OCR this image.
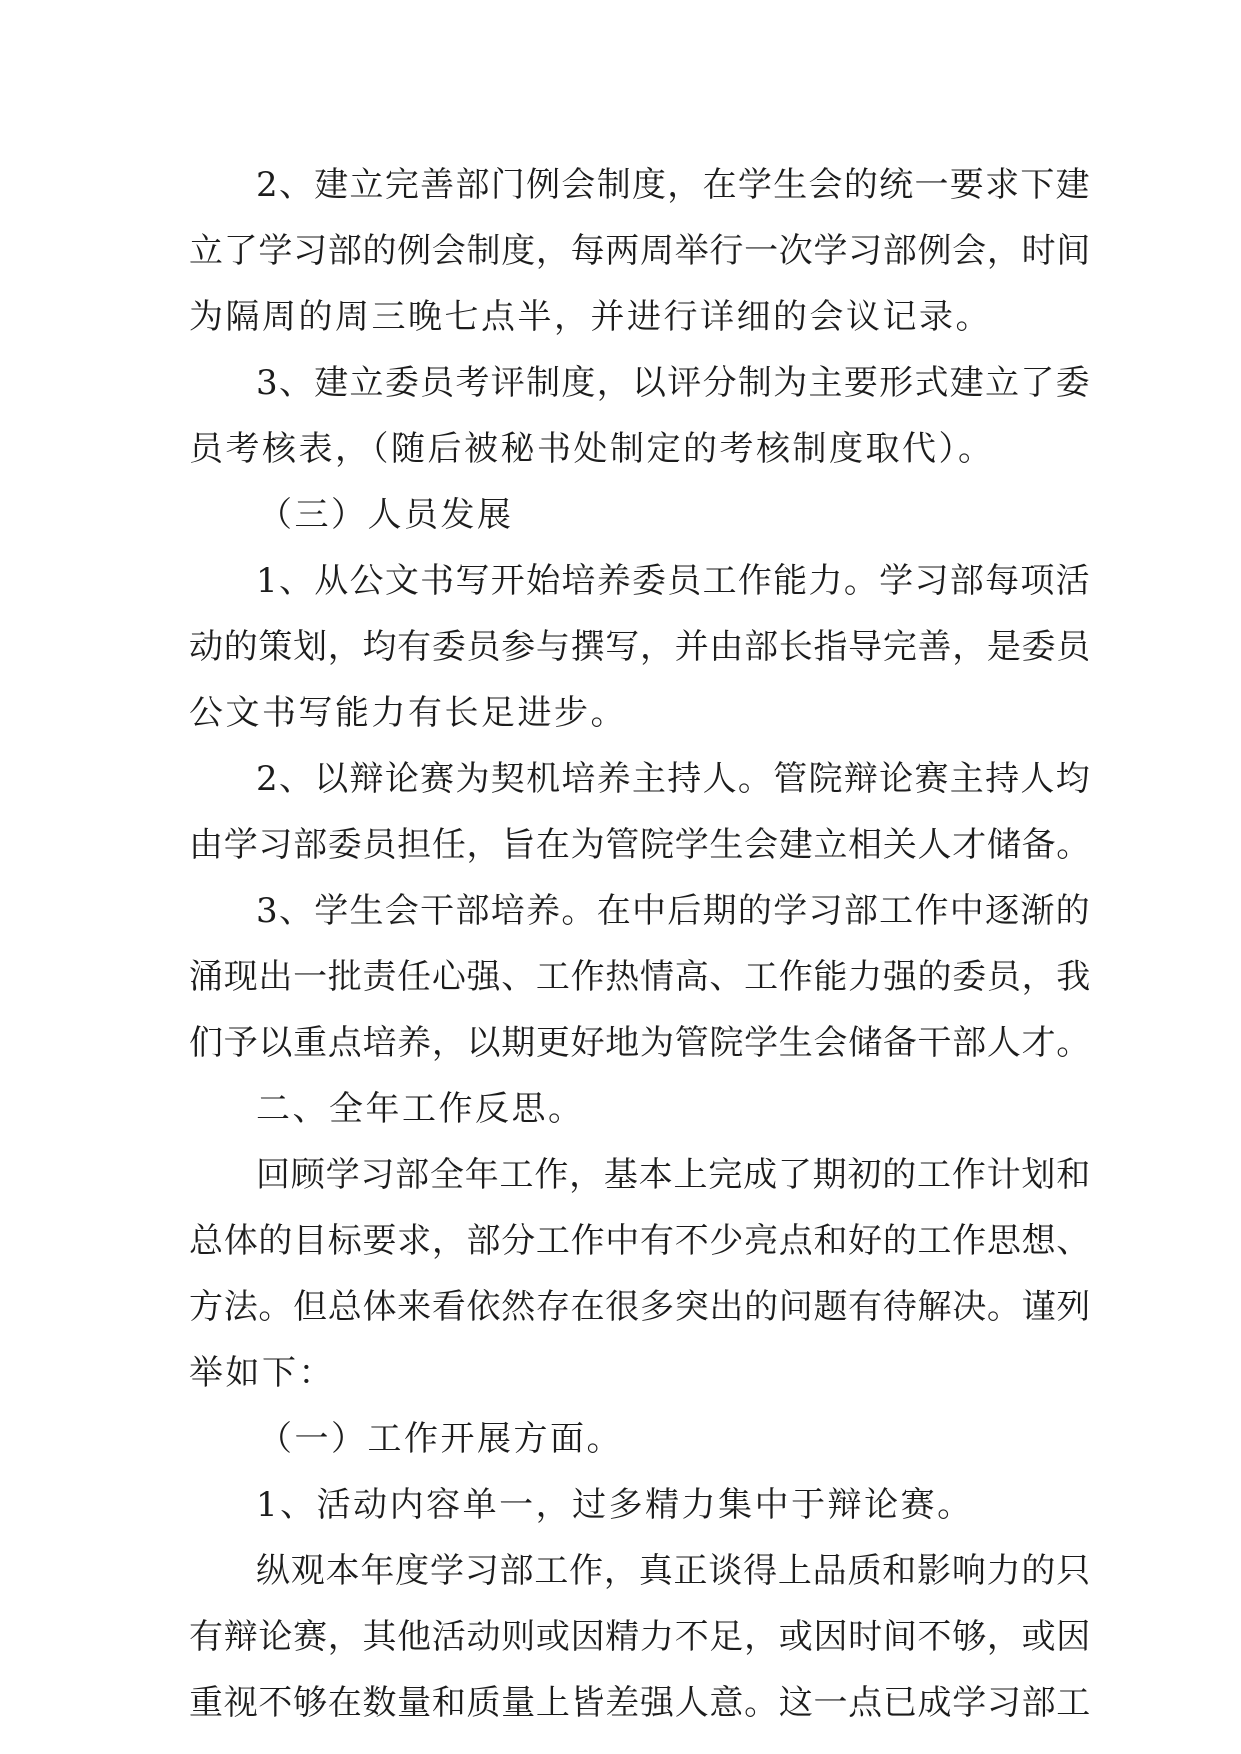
2、建立完善部门例会制度，在学生会的统一要求下建
立了学习部的例会制度，每两周举行一次学习部例会，时间
为隔周的周三晚七点半，并进行详细的会议记录。
3、建立委员考评制度，以评分制为主要形式建立了委
员考核表，（随后被秘书处制定的考核制度取代）。
（三）人员发展
1、从公文书写开始培养委员工作能力。学习部每项活
动的策划，均有委员参与撰写，并由部长指导完善，是委员
公文书写能力有长足进步。
2、以辩论赛为契机培养主持人。管院辩论赛主持人均
由学习部委员担任，旨在为管院学生会建立相关人才储备。
3、学生会干部培养。在中后期的学习部工作中逐渐的
涌现出一批责任心强、工作热情高、工作能力强的委员，我
们予以重点培养，以期更好地为管院学生会储备干部人才。
二、全年工作反思。
回顾学习部全年工作，基本上完成了期初的工作计划和
总体的目标要求，部分工作中有不少亮点和好的工作思想、
方法。但总体来看依然存在很多突出的问题有待解决。谨列
举如下：
（一）工作开展方面。
1、活动内容单一，过多精力集中于辩论赛。
纵观本年度学习部工作，真正谈得上品质和影响力的只
有辩论赛，其他活动则或因精力不足，或因时间不够，或因
重视不够在数量和质量上皆差强人意。这一点已成学习部工
